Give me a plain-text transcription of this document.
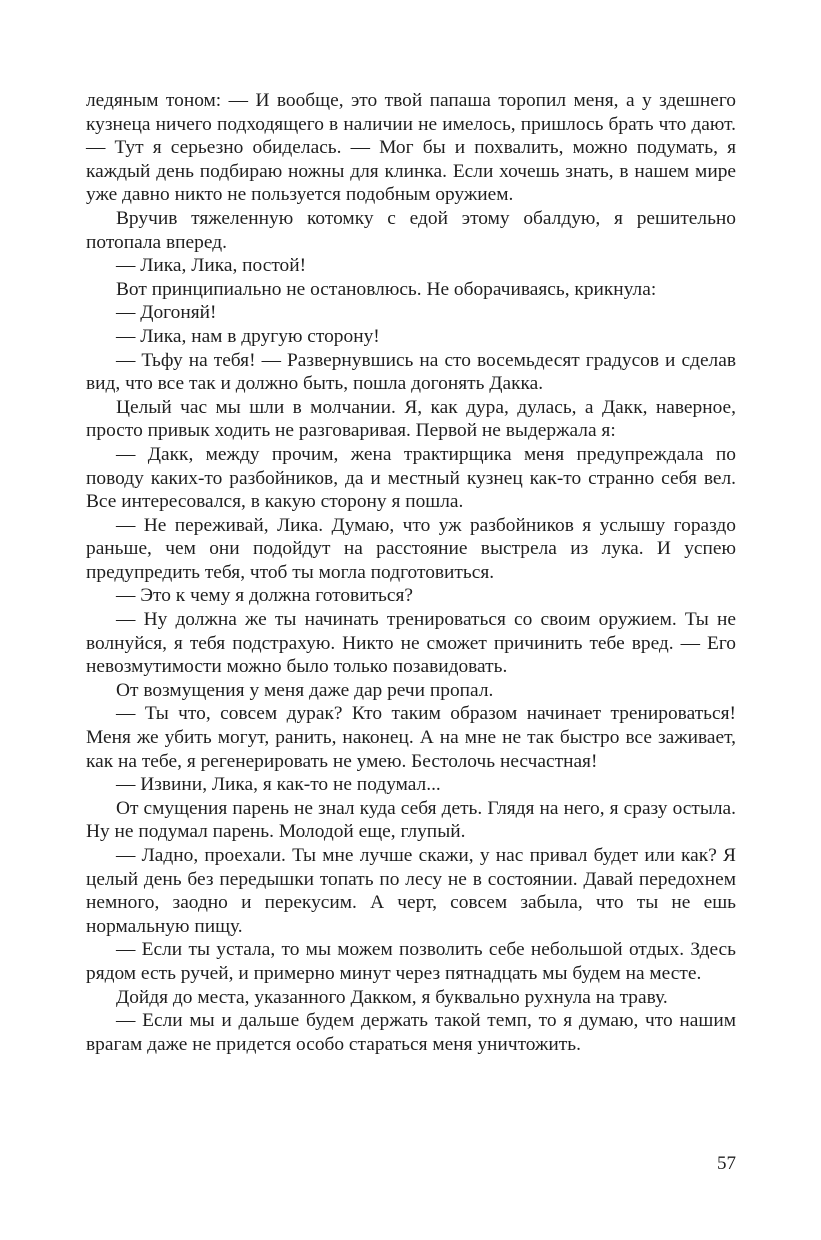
ледяным тоном: — И вообще, это твой папаша торопил меня, а у здешнего кузнеца ничего подходящего в наличии не имелось, пришлось брать что дают. — Тут я серьезно обиделась. — Мог бы и похвалить, можно подумать, я каждый день подбираю ножны для клинка. Если хочешь знать, в нашем мире уже давно никто не пользуется подобным оружием.

Вручив тяжеленную котомку с едой этому обалдую, я решительно потопала вперед.

— Лика, Лика, постой!

Вот принципиально не остановлюсь. Не оборачиваясь, крикнула:

— Догоняй!

— Лика, нам в другую сторону!

— Тьфу на тебя! — Развернувшись на сто восемьдесят градусов и сделав вид, что все так и должно быть, пошла догонять Дакка.

Целый час мы шли в молчании. Я, как дура, дулась, а Дакк, наверное, просто привык ходить не разговаривая. Первой не выдержала я:

— Дакк, между прочим, жена трактирщика меня предупреждала по поводу каких-то разбойников, да и местный кузнец как-то странно себя вел. Все интересовался, в какую сторону я пошла.

— Не переживай, Лика. Думаю, что уж разбойников я услышу гораздо раньше, чем они подойдут на расстояние выстрела из лука. И успею предупредить тебя, чтоб ты могла подготовиться.

— Это к чему я должна готовиться?

— Ну должна же ты начинать тренироваться со своим оружием. Ты не волнуйся, я тебя подстрахую. Никто не сможет причинить тебе вред. — Его невозмутимости можно было только позавидовать.

От возмущения у меня даже дар речи пропал.

— Ты что, совсем дурак? Кто таким образом начинает тренироваться! Меня же убить могут, ранить, наконец. А на мне не так быстро все заживает, как на тебе, я регенерировать не умею. Бестолочь несчастная!

— Извини, Лика, я как-то не подумал...

От смущения парень не знал куда себя деть. Глядя на него, я сразу остыла. Ну не подумал парень. Молодой еще, глупый.

— Ладно, проехали. Ты мне лучше скажи, у нас привал будет или как? Я целый день без передышки топать по лесу не в состоянии. Давай передохнем немного, заодно и перекусим. А черт, совсем забыла, что ты не ешь нормальную пищу.

— Если ты устала, то мы можем позволить себе небольшой отдых. Здесь рядом есть ручей, и примерно минут через пятнадцать мы будем на месте.

Дойдя до места, указанного Дакком, я буквально рухнула на траву.

— Если мы и дальше будем держать такой темп, то я думаю, что нашим врагам даже не придется особо стараться меня уничтожить.

57
